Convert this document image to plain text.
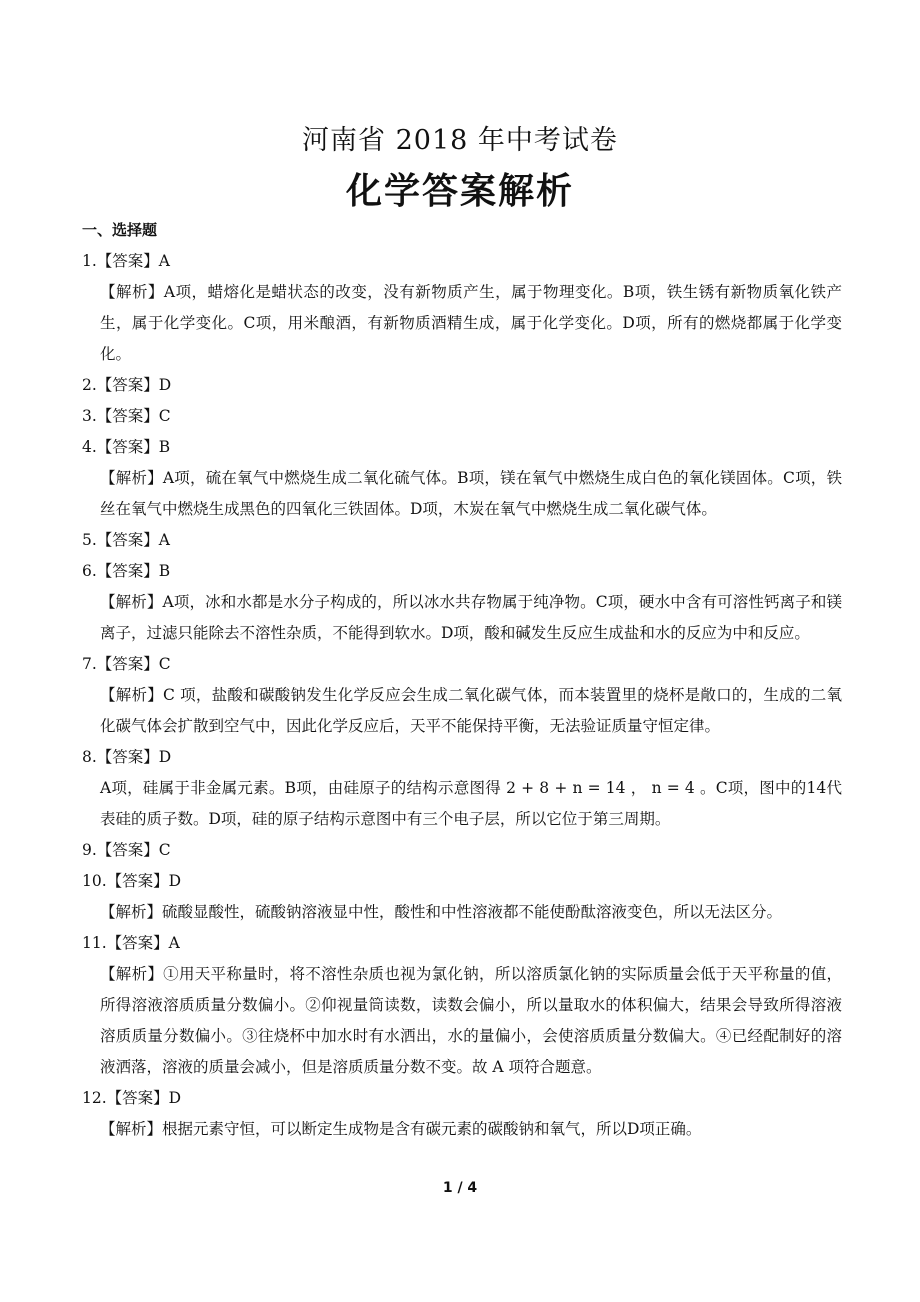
河南省 2018 年中考试卷
化学答案解析
一、选择题
1.【答案】A
【解析】A项，蜡熔化是蜡状态的改变，没有新物质产生，属于物理变化。B项，铁生锈有新物质氧化铁产生，属于化学变化。C项，用米酿酒，有新物质酒精生成，属于化学变化。D项，所有的燃烧都属于化学变化。
2.【答案】D
3.【答案】C
4.【答案】B
【解析】A项，硫在氧气中燃烧生成二氧化硫气体。B项，镁在氧气中燃烧生成白色的氧化镁固体。C项，铁丝在氧气中燃烧生成黑色的四氧化三铁固体。D项，木炭在氧气中燃烧生成二氧化碳气体。
5.【答案】A
6.【答案】B
【解析】A项，冰和水都是水分子构成的，所以冰水共存物属于纯净物。C项，硬水中含有可溶性钙离子和镁离子，过滤只能除去不溶性杂质，不能得到软水。D项，酸和碱发生反应生成盐和水的反应为中和反应。
7.【答案】C
【解析】C 项，盐酸和碳酸钠发生化学反应会生成二氧化碳气体，而本装置里的烧杯是敞口的，生成的二氧化碳气体会扩散到空气中，因此化学反应后，天平不能保持平衡，无法验证质量守恒定律。
8.【答案】D
A项，硅属于非金属元素。B项，由硅原子的结构示意图得 2 + 8 + n = 14 ， n = 4 。C项，图中的14代表硅的质子数。D项，硅的原子结构示意图中有三个电子层，所以它位于第三周期。
9.【答案】C
10.【答案】D
【解析】硫酸显酸性，硫酸钠溶液显中性，酸性和中性溶液都不能使酚酞溶液变色，所以无法区分。
11.【答案】A
【解析】①用天平称量时，将不溶性杂质也视为氯化钠，所以溶质氯化钠的实际质量会低于天平称量的值，所得溶液溶质质量分数偏小。②仰视量筒读数，读数会偏小，所以量取水的体积偏大，结果会导致所得溶液溶质质量分数偏小。③往烧杯中加水时有水洒出，水的量偏小，会使溶质质量分数偏大。④已经配制好的溶液洒落，溶液的质量会减小，但是溶质质量分数不变。故 A 项符合题意。
12.【答案】D
【解析】根据元素守恒，可以断定生成物是含有碳元素的碳酸钠和氧气，所以D项正确。
1 / 4
